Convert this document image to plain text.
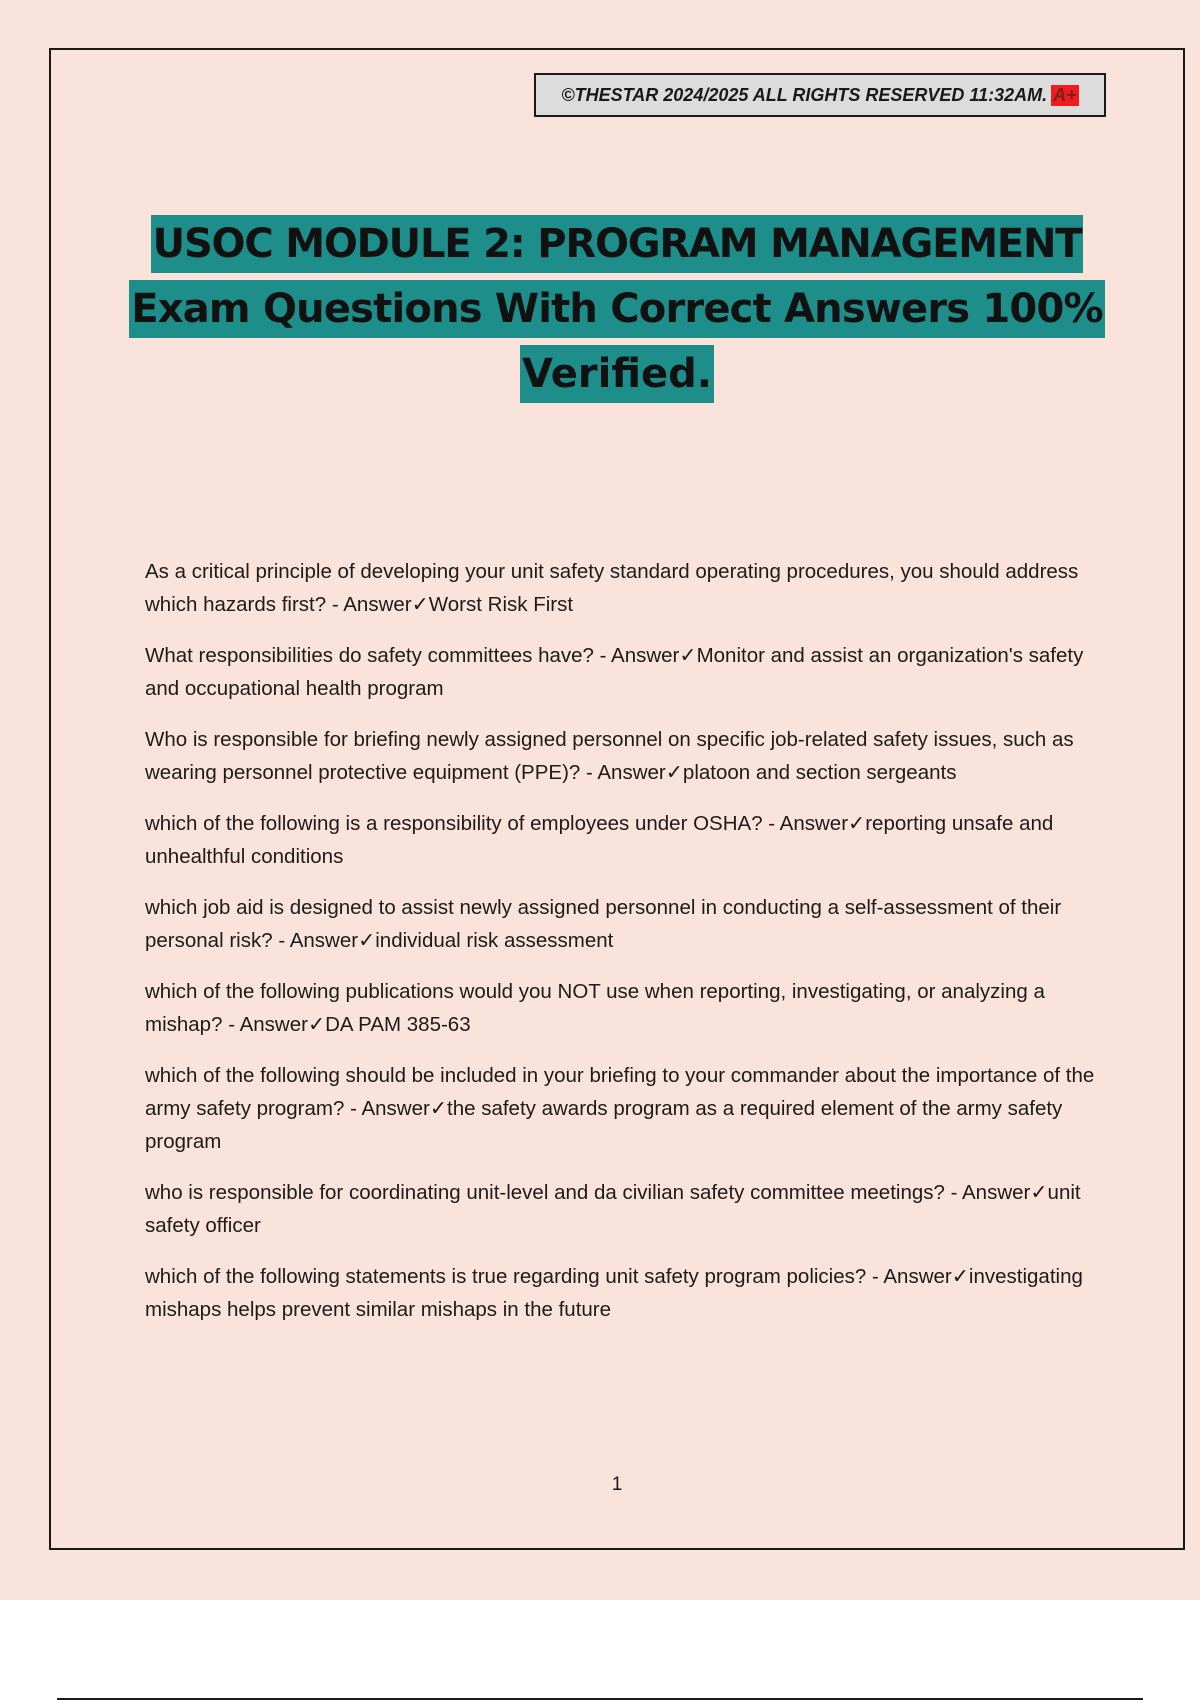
©THESTAR 2024/2025 ALL RIGHTS RESERVED 11:32AM. A+
USOC MODULE 2: PROGRAM MANAGEMENT
Exam Questions With Correct Answers 100%
Verified.
As a critical principle of developing your unit safety standard operating procedures, you should address which hazards first? - Answer✓Worst Risk First
What responsibilities do safety committees have? - Answer✓Monitor and assist an organization's safety and occupational health program
Who is responsible for briefing newly assigned personnel on specific job-related safety issues, such as wearing personnel protective equipment (PPE)? - Answer✓platoon and section sergeants
which of the following is a responsibility of employees under OSHA? - Answer✓reporting unsafe and unhealthful conditions
which job aid is designed to assist newly assigned personnel in conducting a self-assessment of their personal risk? - Answer✓individual risk assessment
which of the following publications would you NOT use when reporting, investigating, or analyzing a mishap? - Answer✓DA PAM 385-63
which of the following should be included in your briefing to your commander about the importance of the army safety program? - Answer✓the safety awards program as a required element of the army safety program
who is responsible for coordinating unit-level and da civilian safety committee meetings? - Answer✓unit safety officer
which of the following statements is true regarding unit safety program policies? - Answer✓investigating mishaps helps prevent similar mishaps in the future
1
